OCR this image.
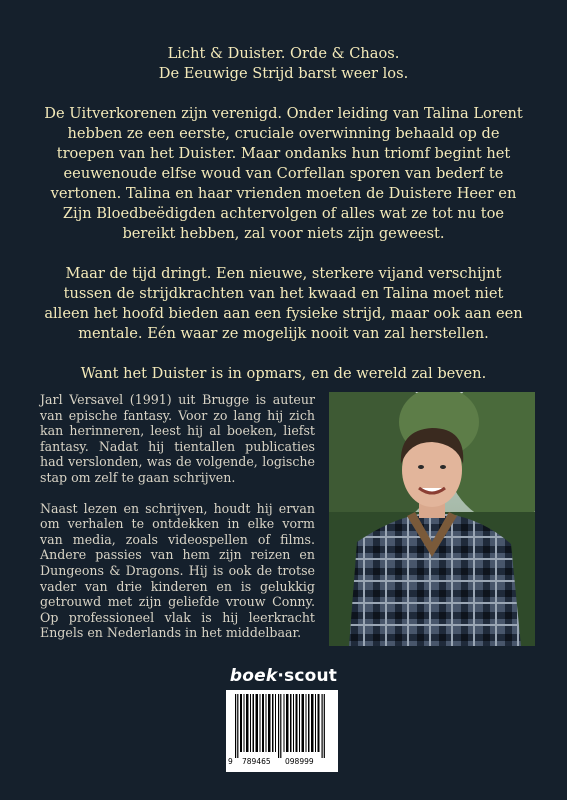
Licht & Duister. Orde & Chaos.
De Eeuwige Strijd barst weer los.

De Uitverkorenen zijn verenigd. Onder leiding van Talina Lorent hebben ze een eerste, cruciale overwinning behaald op de troepen van het Duister. Maar ondanks hun triomf begint het eeuwenoude elfse woud van Corfellan sporen van bederf te vertonen. Talina en haar vrienden moeten de Duistere Heer en Zijn Bloedbeëdigden achtervolgen of alles wat ze tot nu toe bereikt hebben, zal voor niets zijn geweest.

Maar de tijd dringt. Een nieuwe, sterkere vijand verschijnt tussen de strijdkrachten van het kwaad en Talina moet niet alleen het hoofd bieden aan een fysieke strijd, maar ook aan een mentale. Eén waar ze mogelijk nooit van zal herstellen.

Want het Duister is in opmars, en de wereld zal beven.

Jarl Versavel (1991) uit Brugge is auteur van epische fantasy. Voor zo lang hij zich kan herinneren, leest hij al boeken, liefst fantasy. Nadat hij tientallen publicaties had verslonden, was de volgende, logische stap om zelf te gaan schrijven.

Naast lezen en schrijven, houdt hij ervan om verhalen te ontdekken in elke vorm van media, zoals videospellen of films. Andere passies van hem zijn reizen en Dungeons & Dragons. Hij is ook de trotse vader van drie kinderen en is gelukkig getrouwd met zijn geliefde vrouw Conny. Op professioneel vlak is hij leerkracht Engels en Nederlands in het middelbaar.

boek·scout
9 789465 098999
